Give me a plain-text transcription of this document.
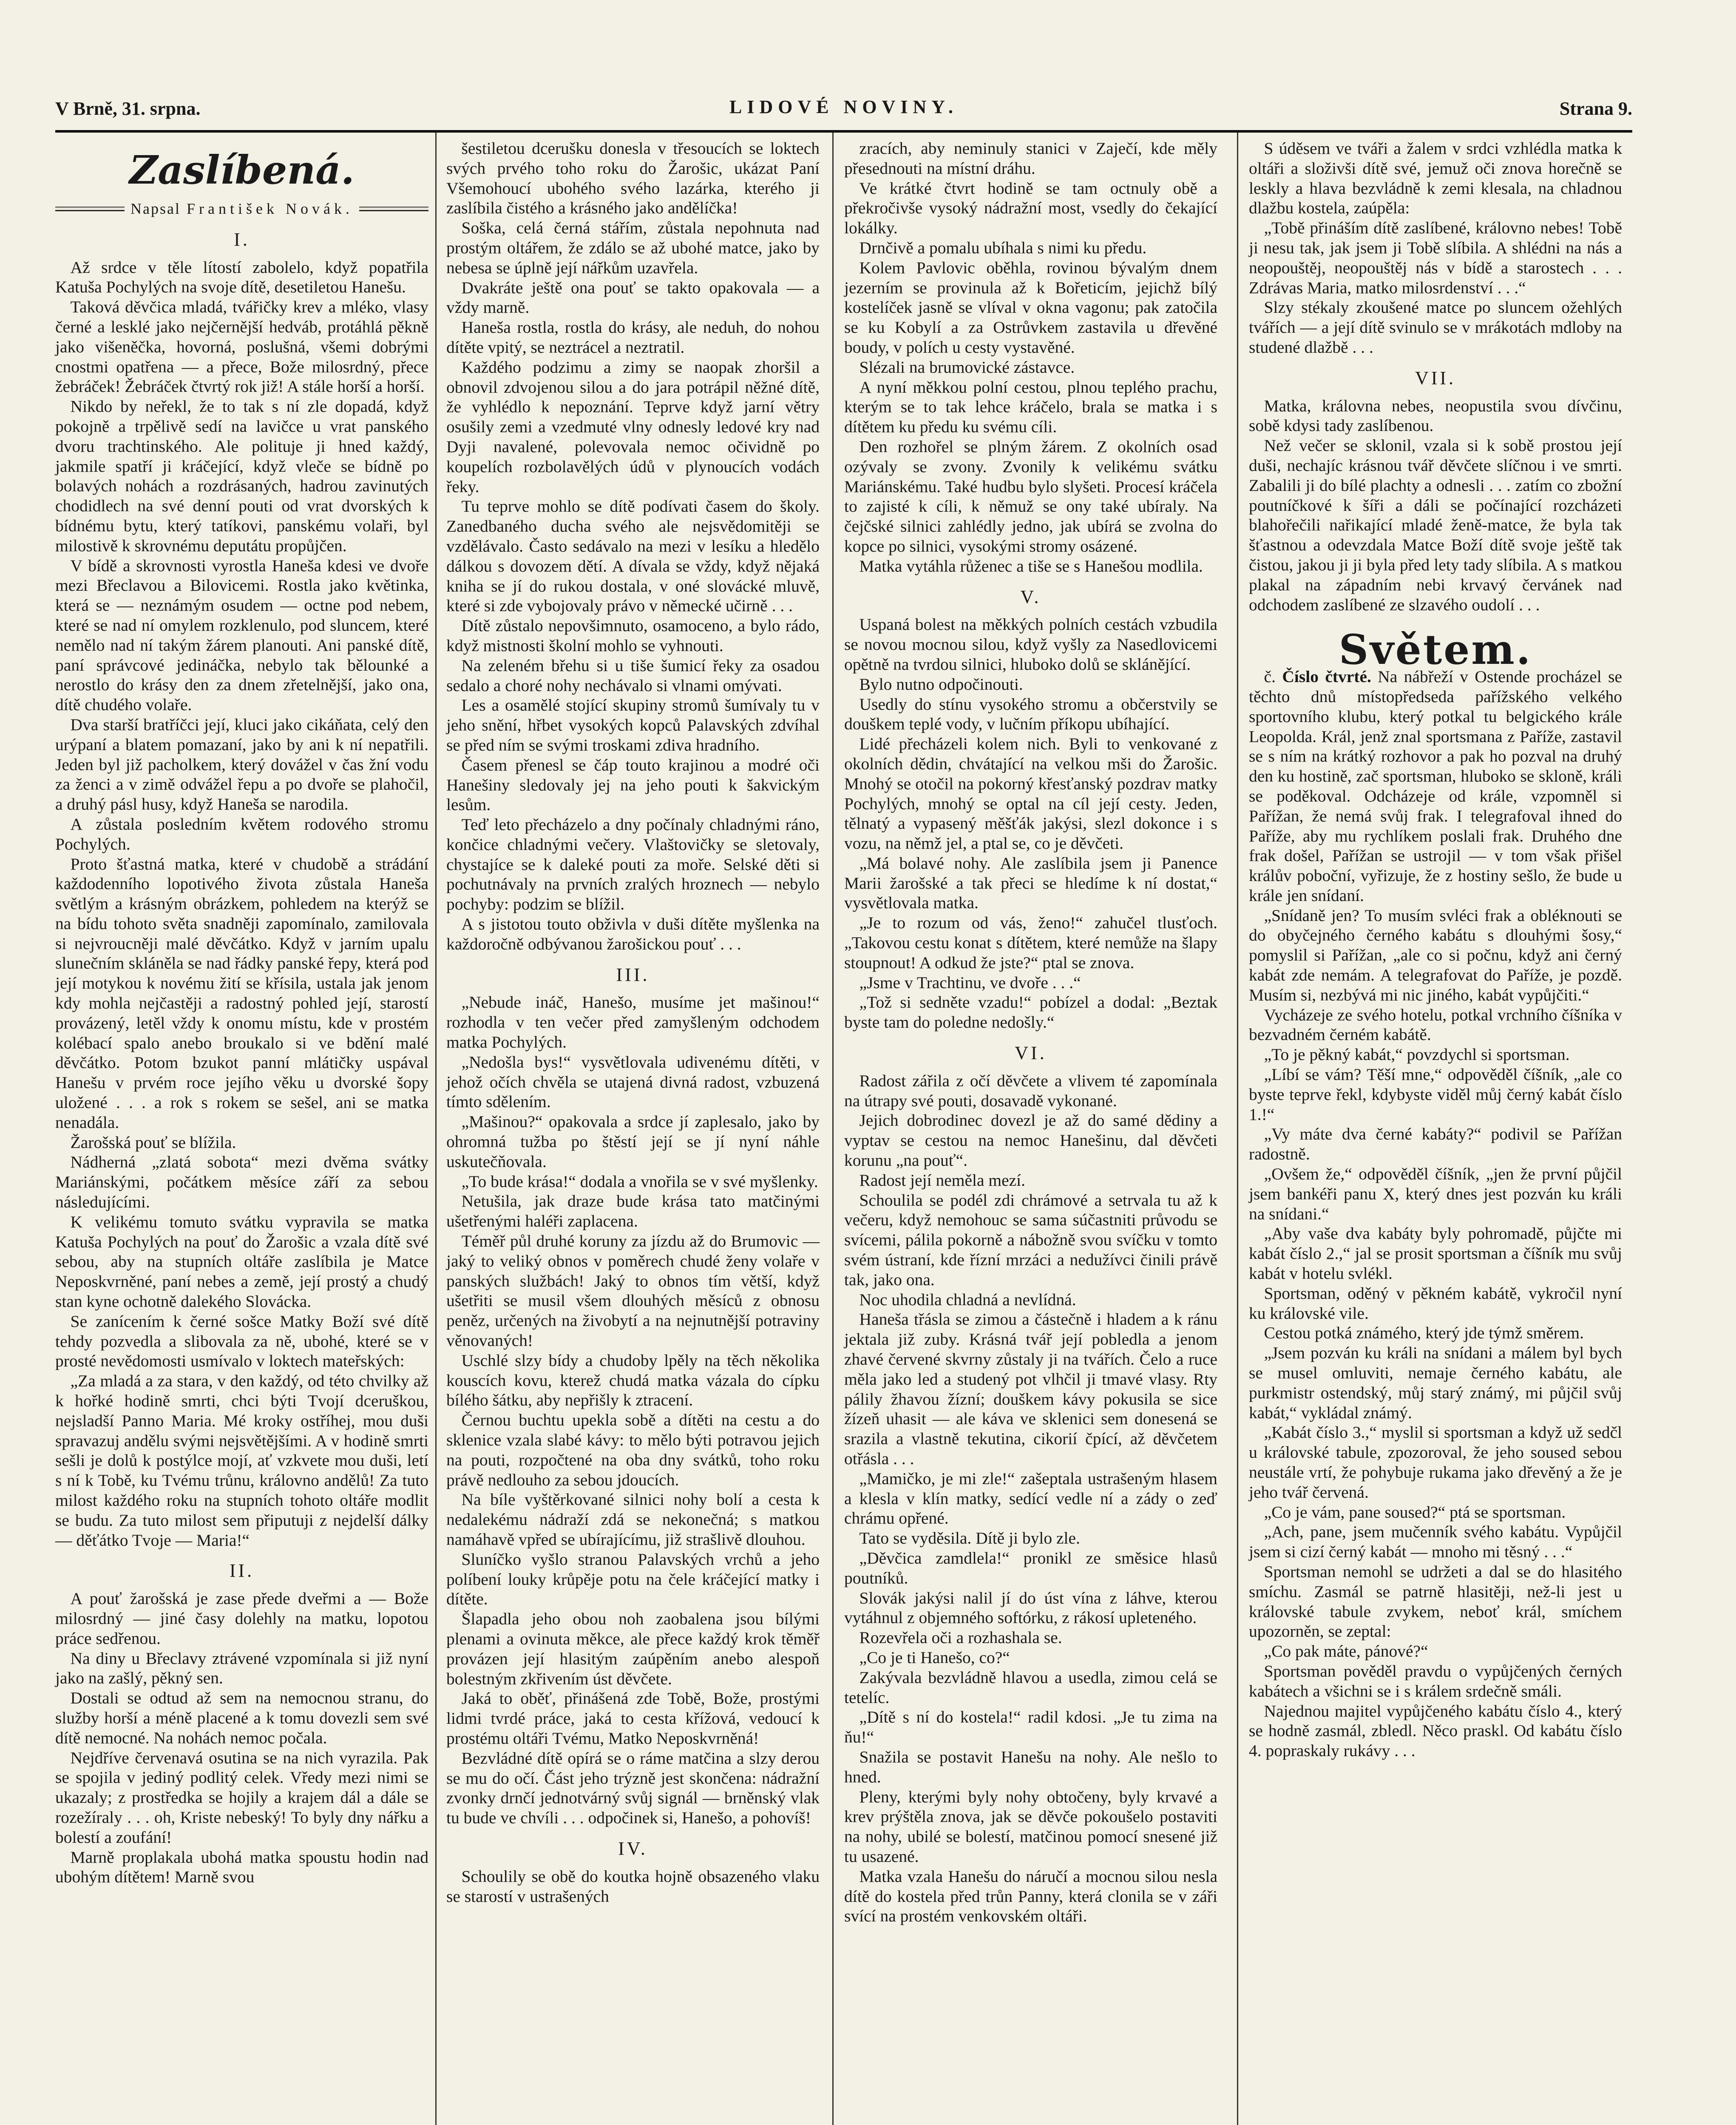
V Brně, 31. srpna.	LIDOVÉ NOVINY.	Strana 9.
Zaslíbená.
Napsal František Novák.
I.

Až srdce v těle lítostí zabolelo, když popatřila Katuša Pochylých na svoje dítě, desetiletou Hanešu.

Taková děvčica mladá, tvářičky krev a mléko, vlasy černé a lesklé jako nejčernější hedváb, protáhlá pěkně jako višeněčka, hovorná, poslušná, všemi dobrými cnostmi opatřena — a přece, Bože milosrdný, přece žebráček! Žebráček čtvrtý rok již! A stále horší a horší.

Nikdo by neřekl, že to tak s ní zle dopadá, když pokojně a trpělivě sedí na lavičce u vrat panského dvoru trachtinského. Ale polituje ji hned každý, jakmile spatří ji kráčející, když vleče se bídně po bolavých nohách a rozdrásaných, hadrou zavinutých chodidlech na své denní pouti od vrat dvorských k bídnému bytu, který tatíkovi, panskému volaři, byl milostivě k skrovnému deputátu propůjčen.

V bídě a skrovnosti vyrostla Haneša kdesi ve dvoře mezi Břeclavou a Bilovicemi. Rostla jako květinka, která se — neznámým osudem — octne pod nebem, které se nad ní omylem rozklenulo, pod sluncem, které nemělo nad ní takým žárem planouti. Ani panské dítě, paní správcové jedináčka, nebylo tak bělounké a nerostlo do krásy den za dnem zřetelnější, jako ona, dítě chudého volaře.

Dva starší bratříčci její, kluci jako cikáňata, celý den urýpaní a blatem pomazaní, jako by ani k ní nepatřili. Jeden byl již pacholkem, který dovážel v čas žní vodu za ženci a v zimě odvážel řepu a po dvoře se plahočil, a druhý pásl husy, když Haneša se narodila.

A zůstala posledním květem rodového stromu Pochylých.

Proto šťastná matka, které v chudobě a strádání každodenního lopotivého života zůstala Haneša světlým a krásným obrázkem, pohledem na kterýž se na bídu tohoto světa snadněji zapomínalo, zamilovala si nejvroucněji malé děvčátko. Když v jarním upalu slunečním skláněla se nad řádky panské řepy, která pod její motykou k novému žití se křísila, ustala jak jenom kdy mohla nejčastěji a radostný pohled její, starostí provázený, letěl vždy k onomu místu, kde v prostém kolébací spalo anebo broukalo si ve bdění malé děvčátko. Potom bzukot panní mlátičky uspával Hanešu v prvém roce jejího věku u dvorské šopy uložené . . . a rok s rokem se sešel, ani se matka nenadála.

Žarošská pouť se blížila.

Nádherná „zlatá sobota“ mezi dvěma svátky Mariánskými, počátkem měsíce září za sebou následujícími.

K velikému tomuto svátku vypravila se matka Katuša Pochylých na pouť do Žarošic a vzala dítě své sebou, aby na stupních oltáře zaslíbila je Matce Neposkvrněné, paní nebes a země, její prostý a chudý stan kyne ochotně dalekého Slovácka.

Se zanícením k černé sošce Matky Boží své dítě tehdy pozvedla a slibovala za ně, ubohé, které se v prosté nevědomosti usmívalo v loktech mateřských:

„Za mladá a za stara, v den každý, od této chvilky až k hořké hodině smrti, chci býti Tvojí dceruškou, nejsladší Panno Maria. Mé kroky ostříhej, mou duši spravazuj andělu svými nejsvětějšími. A v hodině smrti sešli je dolů k postýlce mojí, ať vzkvete mou duši, letí s ní k Tobě, ku Tvému trůnu, královno andělů! Za tuto milost každého roku na stupních tohoto oltáře modlit se budu. Za tuto milost sem připutuji z nejdelší dálky — děťátko Tvoje — Maria!“

II.

A pouť žarošská je zase přede dveřmi a — Bože milosrdný — jiné časy dolehly na matku, lopotou práce sedřenou.

Na diny u Břeclavy ztrávené vzpomínala si již nyní jako na zašlý, pěkný sen.

Dostali se odtud až sem na nemocnou stranu, do služby horší a méně placené a k tomu dovezli sem své dítě nemocné. Na nohách nemoc počala.

Nejdříve červenavá osutina se na nich vyrazila. Pak se spojila v jediný podlitý celek. Vředy mezi nimi se ukazaly; z prostředka se hojily a krajem dál a dále se rozežíraly . . . oh, Kriste nebeský! To byly dny nářku a bolestí a zoufání!

Marně proplakala ubohá matka spoustu hodin nad ubohým dítětem! Marně svou

šestiletou dcerušku donesla v třesoucích se loktech svých prvého toho roku do Žarošic, ukázat Paní Všemohoucí ubohého svého lazárka, kterého ji zaslíbila čistého a krásného jako andělíčka!

Soška, celá černá stářím, zůstala nepohnuta nad prostým oltářem, že zdálo se až ubohé matce, jako by nebesa se úplně její nářkům uzavřela.

Dvakráte ještě ona pouť se takto opakovala — a vždy marně.

Haneša rostla, rostla do krásy, ale neduh, do nohou dítěte vpitý, se neztrácel a neztratil.

Každého podzimu a zimy se naopak zhoršil a obnovil zdvojenou silou a do jara potrápil něžné dítě, že vyhlédlo k nepoznání. Teprve když jarní větry osušily zemi a vzedmuté vlny odnesly ledové kry nad Dyji navalené, polevovala nemoc očividně po koupelích rozbolavělých údů v plynoucích vodách řeky.

Tu teprve mohlo se dítě podívati časem do školy. Zanedbaného ducha svého ale nejsvědomitěji se vzdělávalo. Často sedávalo na mezi v lesíku a hledělo dálkou s dovozem dětí. A dívala se vždy, když nějaká kniha se jí do rukou dostala, v oné slovácké mluvě, které si zde vybojovaly právo v německé učirně . . .

Dítě zůstalo nepovšimnuto, osamoceno, a bylo rádo, když mistnosti školní mohlo se vyhnouti.

Na zeleném břehu si u tiše šumicí řeky za osadou sedalo a choré nohy nechávalo si vlnami omývati.

Les a osamělé stojící skupiny stromů šumívaly tu v jeho snění, hřbet vysokých kopců Palavských zdvíhal se před ním se svými troskami zdiva hradního.

Časem přenesl se čáp touto krajinou a modré oči Hanešiny sledovaly jej na jeho pouti k šakvickým lesům.

Teď leto přecházelo a dny počínaly chladnými ráno, končice chladnými večery. Vlaštovičky se sletovaly, chystajíce se k daleké pouti za moře. Selské děti si pochutnávaly na prvních zralých hroznech — nebylo pochyby: podzim se blížil.

A s jistotou touto obživla v duši dítěte myšlenka na každoročně odbývanou žarošickou pouť . . .

III.

„Nebude ináč, Hanešo, musíme jet mašinou!“ rozhodla v ten večer před zamyšleným odchodem matka Pochylých.

„Nedošla bys!“ vysvětlovala udivenému dítěti, v jehož očích chvěla se utajená divná radost, vzbuzená tímto sdělením.

„Mašinou?“ opakovala a srdce jí zaplesalo, jako by ohromná tužba po štěstí její se jí nyní náhle uskutečňovala.

„To bude krása!“ dodala a vnořila se v své myšlenky.

Netušila, jak draze bude krása tato matčinými ušetřenými haléři zaplacena.

Téměř půl druhé koruny za jízdu až do Brumovic — jaký to veliký obnos v poměrech chudé ženy volaře v panských službách! Jaký to obnos tím větší, když ušetřiti se musil všem dlouhých měsíců z obnosu peněz, určených na živobytí a na nejnutnější potraviny věnovaných!

Uschlé slzy bídy a chudoby lpěly na těch několika kouscích kovu, kterež chudá matka vázala do cípku bílého šátku, aby nepřišly k ztracení.

Černou buchtu upekla sobě a dítěti na cestu a do sklenice vzala slabé kávy: to mělo býti potravou jejich na pouti, rozpočtené na oba dny svátků, toho roku právě nedlouho za sebou jdoucích.

Na bíle vyštěrkované silnici nohy bolí a cesta k nedalekému nádraží zdá se nekonečná; s matkou namáhavě vpřed se ubírajícímu, již strašlivě dlouhou.

Sluníčko vyšlo stranou Palavských vrchů a jeho políbení louky krůpěje potu na čele kráčející matky i dítěte.

Šlapadla jeho obou noh zaobalena jsou bílými plenami a ovinuta měkce, ale přece každý krok těměř provázen její hlasitým zaúpěním anebo alespoň bolestným zkřivením úst děvčete.

Jaká to oběť, přinášená zde Tobě, Bože, prostými lidmi tvrdé práce, jaká to cesta křížová, vedoucí k prostému oltáři Tvému, Matko Neposkvrněná!

Bezvládné dítě opírá se o ráme matčina a slzy derou se mu do očí. Část jeho trýzně jest skončena: nádražní zvonky drnčí jednotvárný svůj signál — brněnský vlak tu bude ve chvíli . . . odpočinek si, Hanešo, a pohovíš!

IV.

Schoulily se obě do koutka hojně obsazeného vlaku se starostí v ustrašených

zracích, aby neminuly stanici v Zaječí, kde měly přesednouti na místní dráhu.

Ve krátké čtvrt hodině se tam octnuly obě a překročivše vysoký nádražní most, vsedly do čekající lokálky.

Drnčivě a pomalu ubíhala s nimi ku předu.

Kolem Pavlovic oběhla, rovinou bývalým dnem jezerním se provinula až k Bořeticím, jejichž bílý kostelíček jasně se vlíval v okna vagonu; pak zatočila se ku Kobylí a za Ostrůvkem zastavila u dřevěné boudy, v polích u cesty vystavěné.

Slézali na brumovické zástavce.

A nyní měkkou polní cestou, plnou teplého prachu, kterým se to tak lehce kráčelo, brala se matka i s dítětem ku předu ku svému cíli.

Den rozhořel se plným žárem. Z okolních osad ozývaly se zvony. Zvonily k velikému svátku Mariánskému. Také hudbu bylo slyšeti. Procesí kráčela to zajisté k cíli, k němuž se ony také ubíraly. Na čejčské silnici zahlédly jedno, jak ubírá se zvolna do kopce po silnici, vysokými stromy osázené.

Matka vytáhla růženec a tiše se s Hanešou modlila.

V.

Uspaná bolest na měkkých polních cestách vzbudila se novou mocnou silou, když vyšly za Nasedlovicemi opětně na tvrdou silnici, hluboko dolů se sklánějící.

Bylo nutno odpočinouti.

Usedly do stínu vysokého stromu a občerstvily se douškem teplé vody, v lučním příkopu ubíhající.

Lidé přecházeli kolem nich. Byli to venkované z okolních dědin, chvátající na velkou mši do Žarošic. Mnohý se otočil na pokorný křesťanský pozdrav matky Pochylých, mnohý se optal na cíl její cesty. Jeden, tělnatý a vypasený měšťák jakýsi, slezl dokonce i s vozu, na němž jel, a ptal se, co je děvčeti.

„Má bolavé nohy. Ale zaslíbila jsem ji Panence Marii žarošské a tak přeci se hledíme k ní dostat,“ vysvětlovala matka.

„Je to rozum od vás, ženo!“ zahučel tlusťoch. „Takovou cestu konat s dítětem, které nemůže na šlapy stoupnout! A odkud že jste?“ ptal se znova.

„Jsme v Trachtinu, ve dvoře . . .“

„Tož si sedněte vzadu!“ pobízel a dodal: „Beztak byste tam do poledne nedošly.“

VI.

Radost zářila z očí děvčete a vlivem té zapomínala na útrapy své pouti, dosavadě vykonané.

Jejich dobrodinec dovezl je až do samé dědiny a vyptav se cestou na nemoc Hanešinu, dal děvčeti korunu „na pouť“.

Radost její neměla mezí.

Schoulila se podél zdi chrámové a setrvala tu až k večeru, když nemohouc se sama súčastniti průvodu se svícemi, pálila pokorně a nábožně svou svíčku v tomto svém ústraní, kde řízní mrzáci a nedužívci činili právě tak, jako ona.

Noc uhodila chladná a nevlídná.

Haneša třásla se zimou a částečně i hladem a k ránu jektala již zuby. Krásná tvář její pobledla a jenom zhavé červené skvrny zůstaly ji na tvářích. Čelo a ruce měla jako led a studený pot vlhčil ji tmavé vlasy. Rty pálily žhavou žízní; douškem kávy pokusila se sice žízeň uhasit — ale káva ve sklenici sem donesená se srazila a vlastně tekutina, cikorií čpící, až děvčetem otřásla . . .

„Mamičko, je mi zle!“ zašeptala ustrašeným hlasem a klesla v klín matky, sedící vedle ní a zády o zeď chrámu opřené.

Tato se vyděsila. Dítě ji bylo zle.

„Děvčica zamdlela!“ pronikl ze směsice hlasů poutníků.

Slovák jakýsi nalil jí do úst vína z láhve, kterou vytáhnul z objemného softórku, z rákosí upleteného.

Rozevřela oči a rozhashala se.

„Co je ti Hanešo, co?“

Zakývala bezvládně hlavou a usedla, zimou celá se tetelíc.

„Dítě s ní do kostela!“ radil kdosi. „Je tu zima na ňu!“

Snažila se postavit Hanešu na nohy. Ale nešlo to hned.

Pleny, kterými byly nohy obtočeny, byly krvavé a krev prýštěla znova, jak se děvče pokoušelo postaviti na nohy, ubilé se bolestí, matčinou pomocí snesené již tu usazené.

Matka vzala Hanešu do náručí a mocnou silou nesla dítě do kostela před trůn Panny, která clonila se v záři svící na prostém venkovském oltáři.

S úděsem ve tváři a žalem v srdci vzhlédla matka k oltáři a složivši dítě své, jemuž oči znova horečně se leskly a hlava bezvládně k zemi klesala, na chladnou dlažbu kostela, zaúpěla:

„Tobě přináším dítě zaslíbené, královno nebes! Tobě ji nesu tak, jak jsem ji Tobě slíbila. A shlédni na nás a neopouštěj, neopouštěj nás v bídě a starostech . . . Zdrávas Maria, matko milosrdenství . . .“

Slzy stékaly zkoušené matce po sluncem ožehlých tvářích — a její dítě svinulo se v mrákotách mdloby na studené dlažbě . . .

VII.

Matka, královna nebes, neopustila svou dívčinu, sobě kdysi tady zaslíbenou.

Než večer se sklonil, vzala si k sobě prostou její duši, nechajíc krásnou tvář děvčete slíčnou i ve smrti. Zabalili ji do bílé plachty a odnesli . . . zatím co zbožní poutníčkové k šíři a dáli se počínající rozcházeti blahořečili nařikající mladé ženě-matce, že byla tak šťastnou a odevzdala Matce Boží dítě svoje ještě tak čistou, jakou ji ji byla před lety tady slíbila. A s matkou plakal na západním nebi krvavý červánek nad odchodem zaslíbené ze slzavého oudolí . . .

Světem.

č. Číslo čtvrté. Na nábřeží v Ostende procházel se těchto dnů místopředseda pařížského velkého sportovního klubu, který potkal tu belgického krále Leopolda. Král, jenž znal sportsmana z Paříže, zastavil se s ním na krátký rozhovor a pak ho pozval na druhý den ku hostině, zač sportsman, hluboko se skloně, králi se poděkoval. Odcházeje od krále, vzpomněl si Pařížan, že nemá svůj frak. I telegrafoval ihned do Paříže, aby mu rychlíkem poslali frak. Druhého dne frak došel, Pařížan se ustrojil — v tom však přišel králův poboční, vyřizuje, že z hostiny sešlo, že bude u krále jen snídaní.

„Snídaně jen? To musím svléci frak a obléknouti se do obyčejného černého kabátu s dlouhými šosy,“ pomyslil si Pařížan, „ale co si počnu, když ani černý kabát zde nemám. A telegrafovat do Paříže, je pozdě. Musím si, nezbývá mi nic jiného, kabát vypůjčiti.“

Vycházeje ze svého hotelu, potkal vrchního číšníka v bezvadném černém kabátě.

„To je pěkný kabát,“ povzdychl si sportsman.

„Líbí se vám? Těší mne,“ odpověděl číšník, „ale co byste teprve řekl, kdybyste viděl můj černý kabát číslo 1.!“

„Vy máte dva černé kabáty?“ podivil se Pařížan radostně.

„Ovšem že,“ odpověděl číšník, „jen že první půjčil jsem bankéři panu X, který dnes jest pozván ku králi na snídani.“

„Aby vaše dva kabáty byly pohromadě, půjčte mi kabát číslo 2.,“ jal se prosit sportsman a číšník mu svůj kabát v hotelu svlékl.

Sportsman, oděný v pěkném kabátě, vykročil nyní ku královské vile.

Cestou potká známého, který jde týmž směrem.

„Jsem pozván ku králi na snídani a málem byl bych se musel omluviti, nemaje černého kabátu, ale purkmistr ostendský, můj starý známý, mi půjčil svůj kabát,“ vykládal známý.

„Kabát číslo 3.,“ myslil si sportsman a když už sedčl u královské tabule, zpozoroval, že jeho soused sebou neustále vrtí, že pohybuje rukama jako dřevěný a že je jeho tvář červená.

„Co je vám, pane soused?“ ptá se sportsman.

„Ach, pane, jsem mučenník svého kabátu. Vypůjčil jsem si cizí černý kabát — mnoho mi těsný . . .“

Sportsman nemohl se udržeti a dal se do hlasitého smíchu. Zasmál se patrně hlasitěji, než-li jest u královské tabule zvykem, neboť král, smíchem upozorněn, se zeptal:

„Co pak máte, pánové?“

Sportsman pověděl pravdu o vypůjčených černých kabátech a všichni se i s králem srdečně smáli.

Najednou majitel vypůjčeného kabátu číslo 4., který se hodně zasmál, zbledl. Něco praskl. Od kabátu číslo 4. popraskaly rukávy . . .
